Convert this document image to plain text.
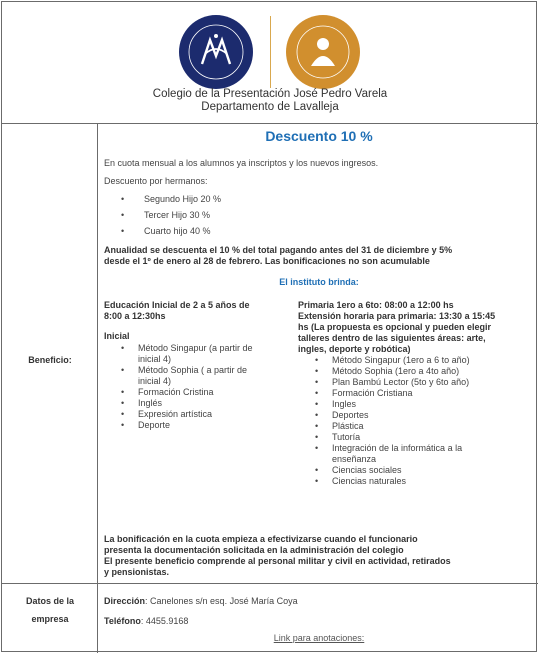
Colegio de la Presentación José Pedro Varela
Departamento de Lavalleja
Beneficio:
Descuento 10 %
En cuota mensual a los alumnos ya inscriptos y los nuevos ingresos.
Descuento por hermanos:
• Segundo Hijo 20 %
• Tercer Hijo 30 %
• Cuarto hijo 40 %
Anualidad se descuenta el 10 % del total pagando antes del 31 de diciembre y 5%
desde el 1º de enero al 28 de febrero. Las bonificaciones no son acumulable
El instituto brinda:
Educación Inicial de 2 a 5 años de
8:00 a 12:30hs
Inicial
• Método Singapur (a partir de
inicial 4)
• Método Sophia ( a partir de
inicial 4)
• Formación Cristina
• Inglés
• Expresión artística
• Deporte
Primaria 1ero a 6to: 08:00 a 12:00 hs
Extensión horaria para primaria: 13:30 a 15:45
hs (La propuesta es opcional y pueden elegir
talleres dentro de las siguientes áreas: arte,
ingles, deporte y robótica)
• Método Singapur (1ero a 6 to año)
• Método Sophia (1ero a 4to año)
• Plan Bambú Lector (5to y 6to año)
• Formación Cristiana
• Ingles
• Deportes
• Plástica
• Tutoría
• Integración de la informática a la
enseñanza
• Ciencias sociales
• Ciencias naturales
La bonificación en la cuota empieza a efectivizarse cuando el funcionario
presenta la documentación solicitada en la administración del colegio
El presente beneficio comprende al personal militar y civil en actividad, retirados
y pensionistas.
Datos de la
empresa
Dirección: Canelones s/n esq. José María Coya
Teléfono: 4455.9168
Link para anotaciones:
